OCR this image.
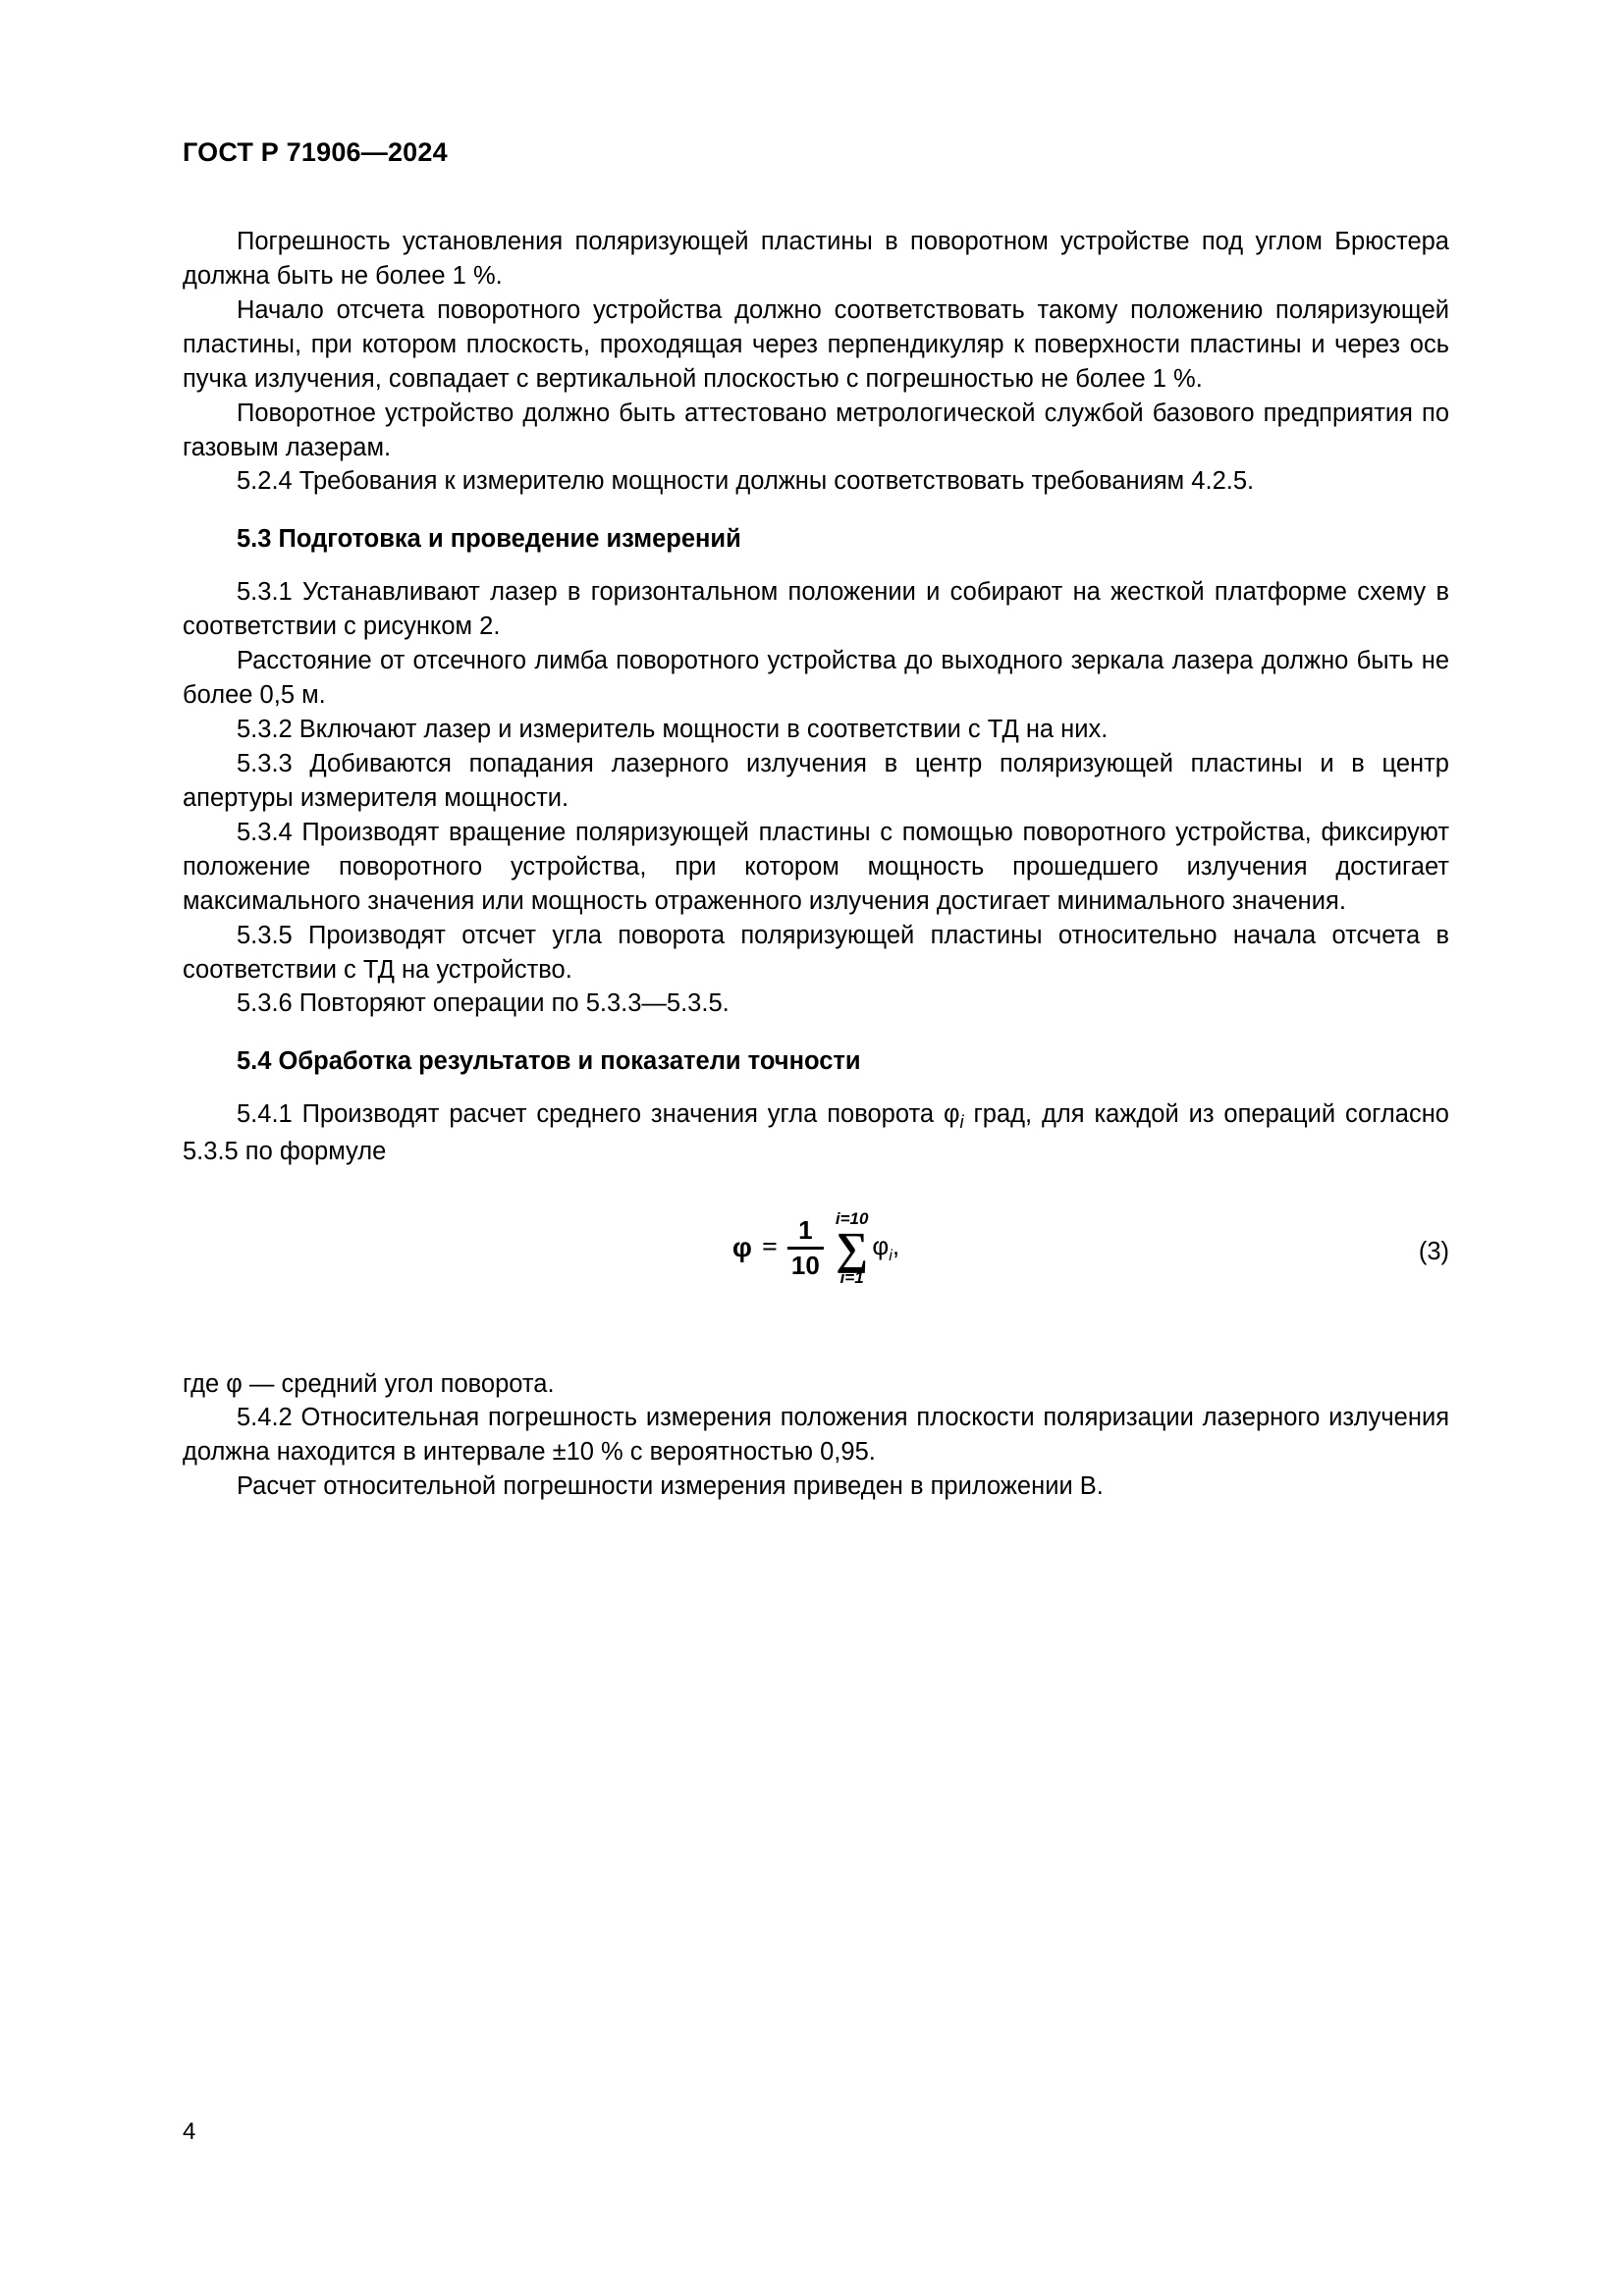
ГОСТ Р 71906—2024

Погрешность установления поляризующей пластины в поворотном устройстве под углом Брюстера должна быть не более 1 %.

Начало отсчета поворотного устройства должно соответствовать такому положению поляризующей пластины, при котором плоскость, проходящая через перпендикуляр к поверхности пластины и через ось пучка излучения, совпадает с вертикальной плоскостью с погрешностью не более 1 %.

Поворотное устройство должно быть аттестовано метрологической службой базового предприятия по газовым лазерам.

5.2.4 Требования к измерителю мощности должны соответствовать требованиям 4.2.5.

5.3 Подготовка и проведение измерений

5.3.1 Устанавливают лазер в горизонтальном положении и собирают на жесткой платформе схему в соответствии с рисунком 2.

Расстояние от отсечного лимба поворотного устройства до выходного зеркала лазера должно быть не более 0,5 м.

5.3.2 Включают лазер и измеритель мощности в соответствии с ТД на них.

5.3.3 Добиваются попадания лазерного излучения в центр поляризующей пластины и в центр апертуры измерителя мощности.

5.3.4 Производят вращение поляризующей пластины с помощью поворотного устройства, фиксируют положение поворотного устройства, при котором мощность прошедшего излучения достигает максимального значения или мощность отраженного излучения достигает минимального значения.

5.3.5 Производят отсчет угла поворота поляризующей пластины относительно начала отсчета в соответствии с ТД на устройство.

5.3.6 Повторяют операции по 5.3.3—5.3.5.

5.4 Обработка результатов и показатели точности

5.4.1 Производят расчет среднего значения угла поворота $\varphi_i$ град, для каждой из операций согласно 5.3.5 по формуле

$\varphi = \frac{1}{10} i=10$
∑
i=1
$\varphi_i$,	(3)

где φ — средний угол поворота.

5.4.2 Относительная погрешность измерения положения плоскости поляризации лазерного излучения должна находится в интервале ±10 % с вероятностью 0,95.

Расчет относительной погрешности измерения приведен в приложении В.

4
